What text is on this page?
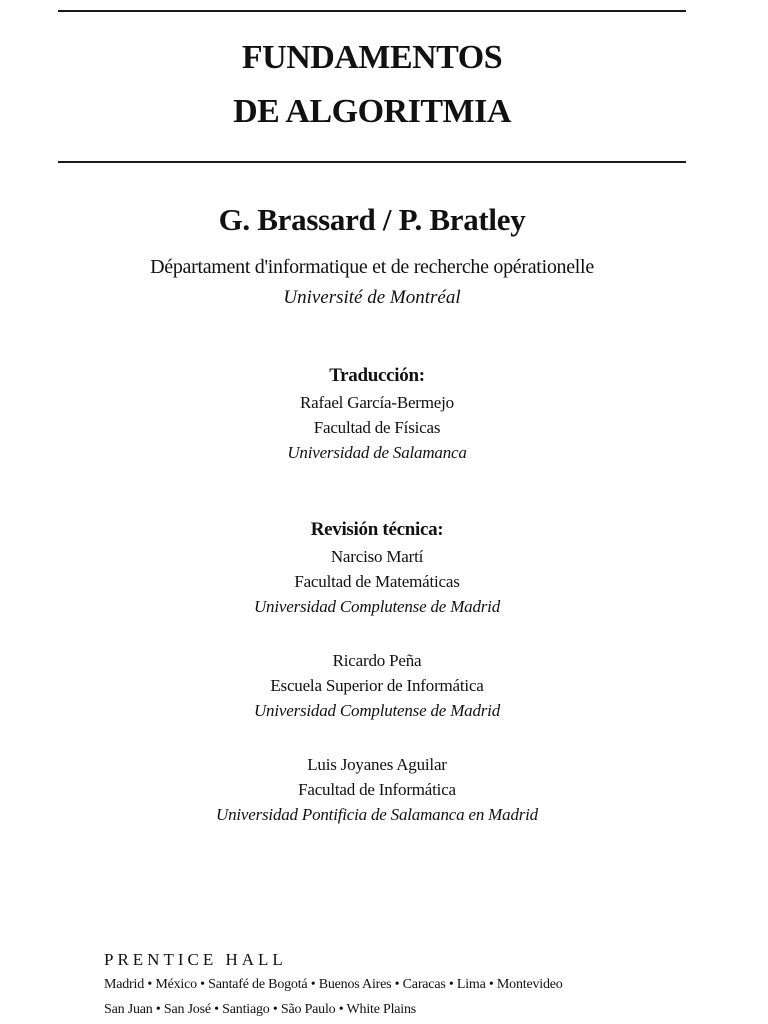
FUNDAMENTOS
DE ALGORITMIA
G. Brassard / P. Bratley
Départament d'informatique et de recherche opérationelle
Université de Montréal
Traducción:
Rafael García-Bermejo
Facultad de Físicas
Universidad de Salamanca
Revisión técnica:
Narciso Martí
Facultad de Matemáticas
Universidad Complutense de Madrid
Ricardo Peña
Escuela Superior de Informática
Universidad Complutense de Madrid
Luis Joyanes Aguilar
Facultad de Informática
Universidad Pontificia de Salamanca en Madrid
PRENTICE HALL
Madrid • México • Santafé de Bogotá • Buenos Aires • Caracas • Lima • Montevideo
San Juan • San José • Santiago • São Paulo • White Plains
